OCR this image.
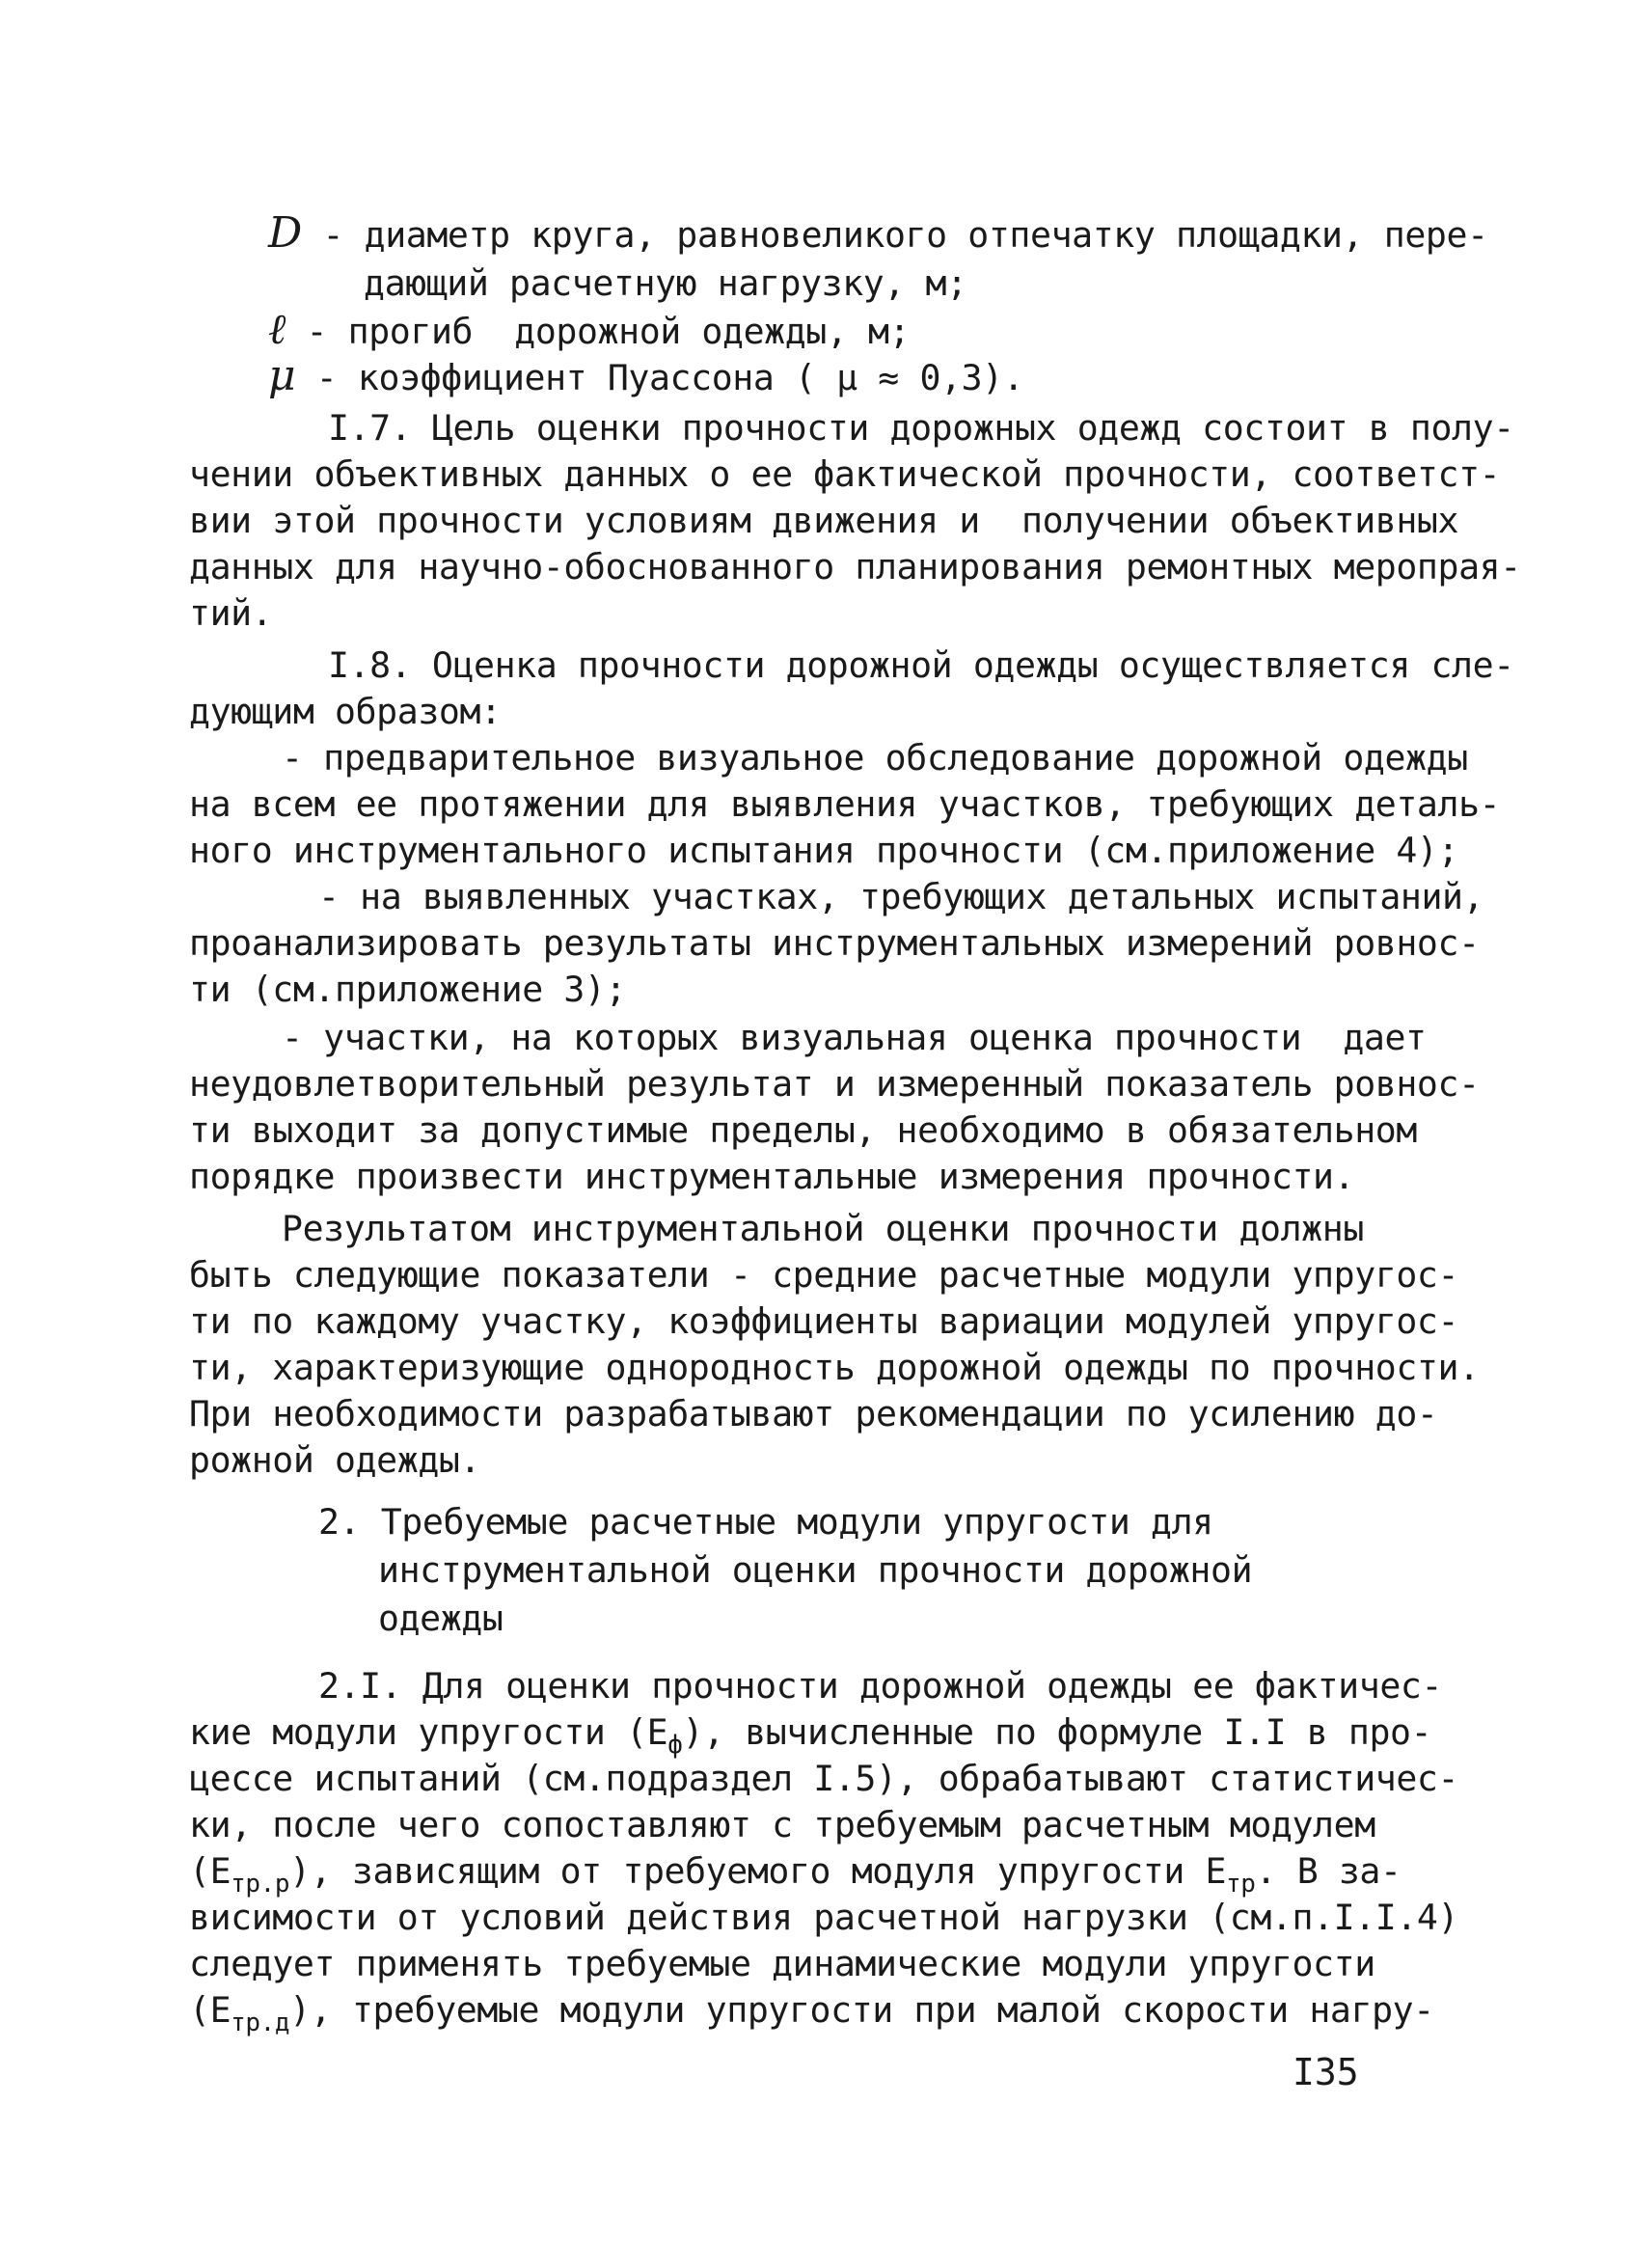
D - диаметр круга, равновеликого отпечатку площадки, пере-
дающий расчетную нагрузку, м;
ℓ - прогиб  дорожной одежды, м;
μ - коэффициент Пуассона ( μ ≈ 0,3).
I.7. Цель оценки прочности дорожных одежд состоит в полу-
чении объективных данных о ее фактической прочности, соответст-
вии этой прочности условиям движения и  получении объективных
данных для научно-обоснованного планирования ремонтных меропрая-
тий.
I.8. Оценка прочности дорожной одежды осуществляется сле-
дующим образом:
- предварительное визуальное обследование дорожной одежды
на всем ее протяжении для выявления участков, требующих деталь-
ного инструментального испытания прочности (см.приложение 4);
- на выявленных участках, требующих детальных испытаний,
проанализировать результаты инструментальных измерений ровнос-
ти (см.приложение 3);
- участки, на которых визуальная оценка прочности  дает
неудовлетворительный результат и измеренный показатель ровнос-
ти выходит за допустимые пределы, необходимо в обязательном
порядке произвести инструментальные измерения прочности.
Результатом инструментальной оценки прочности должны
быть следующие показатели - средние расчетные модули упругос-
ти по каждому участку, коэффициенты вариации модулей упругос-
ти, характеризующие однородность дорожной одежды по прочности.
При необходимости разрабатывают рекомендации по усилению до-
рожной одежды.
2. Требуемые расчетные модули упругости для
инструментальной оценки прочности дорожной
одежды
2.I. Для оценки прочности дорожной одежды ее фактичес-
кие модули упругости $(E_ф)$, вычисленные по формуле I.I в про-
цессе испытаний (см.подраздел I.5), обрабатывают статистичес-
ки, после чего сопоставляют с требуемым расчетным модулем
$(E_{тр.р})$, зависящим от требуемого модуля упругости $E_{тр}$. В за-
висимости от условий действия расчетной нагрузки (см.п.I.I.4)
следует применять требуемые динамические модули упругости
$(E_{тр.д})$, требуемые модули упругости при малой скорости нагру-
I35
